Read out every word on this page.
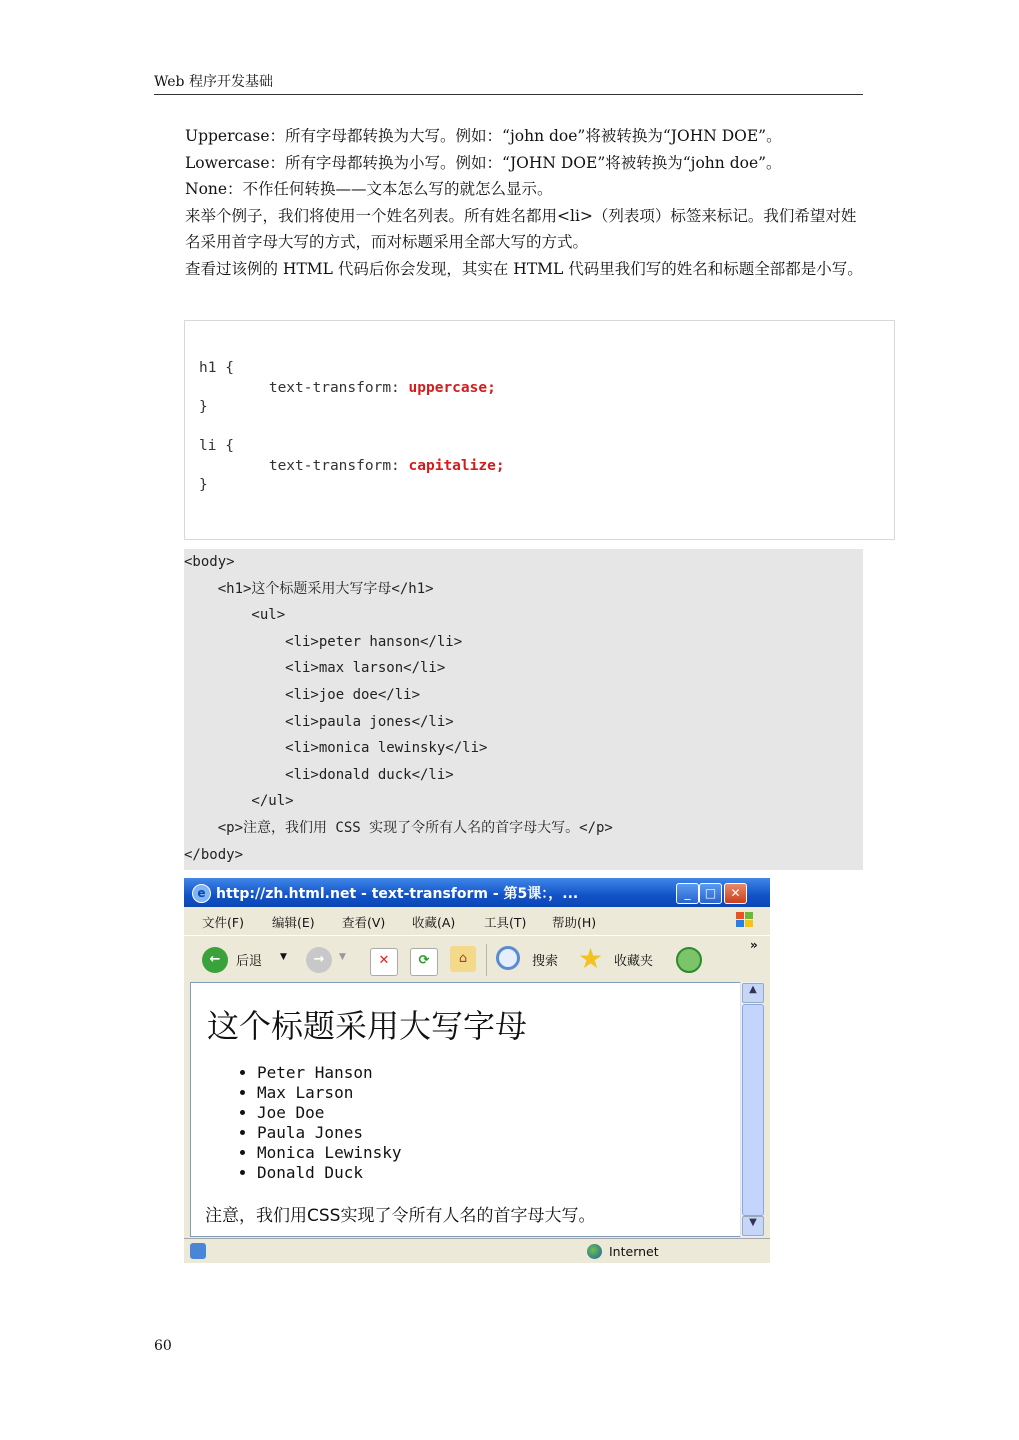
Web 程序开发基础

Uppercase：所有字母都转换为大写。例如：“john doe”将被转换为“JOHN DOE”。

Lowercase：所有字母都转换为小写。例如：“JOHN DOE”将被转换为“john doe”。

None：不作任何转换——文本怎么写的就怎么显示。

来举个例子，我们将使用一个姓名列表。所有姓名都用<li>（列表项）标签来标记。我们希望对姓名采用首字母大写的方式，而对标题采用全部大写的方式。

查看过该例的 HTML 代码后你会发现，其实在 HTML 代码里我们写的姓名和标题全部都是小写。

h1 {
text-transform: uppercase;
}

li {
text-transform: capitalize;
}
<body>
<h1>这个标题采用大写字母</h1>
<ul>
<li>peter hanson</li>
<li>max larson</li>
<li>joe doe</li>
<li>paula jones</li>
<li>monica lewinsky</li>
<li>donald duck</li>
</ul>
<p>注意，我们用 CSS 实现了令所有人名的首字母大写。</p>
</body>
e http://zh.html.net - text-transform - 第5课：，...	_	□	✕
文件(F) 编辑(E) 查看(V) 收藏(A) 工具(T) 帮助(H)
←	后退 ▼	→	▼	✕	⟳	⌂	搜索 ★ 收藏夹
»
这个标题采用大写字母
• Peter Hanson
• Max Larson
• Joe Doe
• Paula Jones
• Monica Lewinsky
• Donald Duck
注意，我们用CSS实现了令所有人名的首字母大写。
▲
▼
Internet
60
